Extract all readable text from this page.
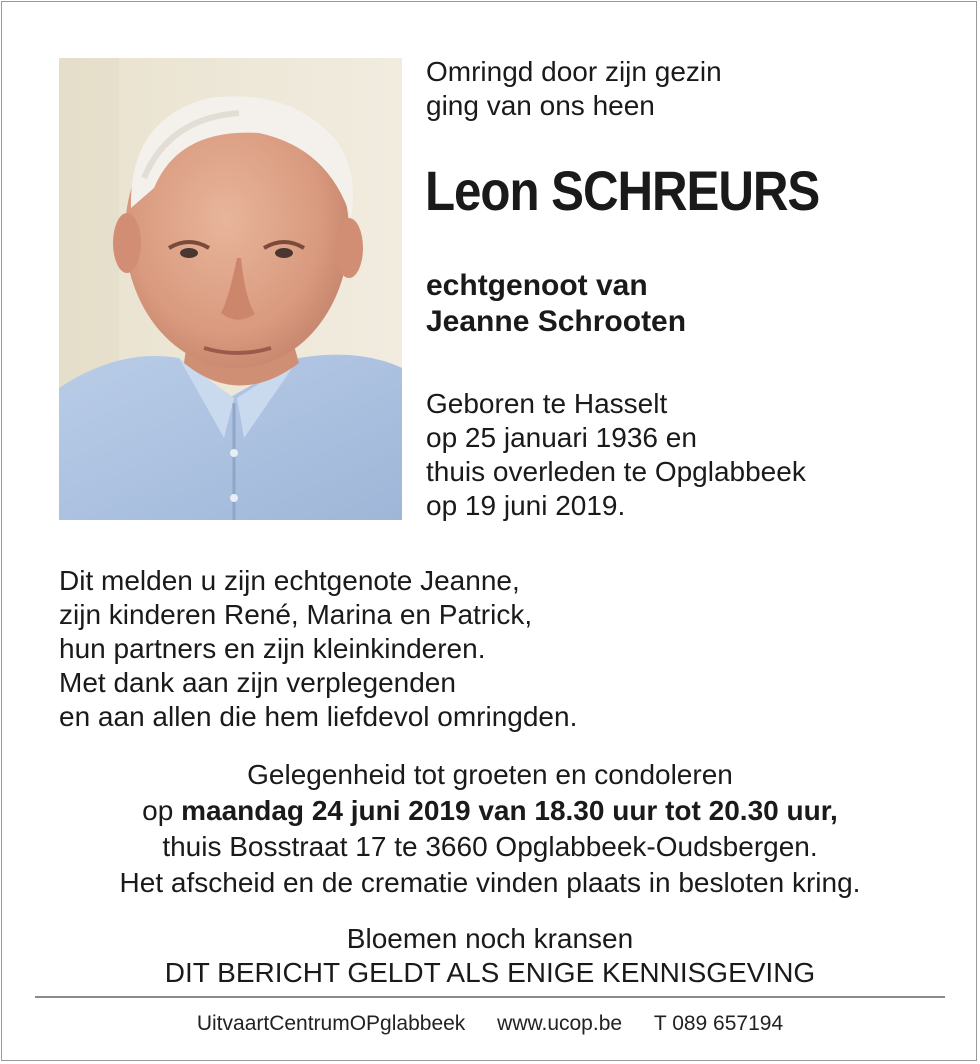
Omringd door zijn gezin
ging van ons heen
Leon SCHREURS
echtgenoot van
Jeanne Schrooten
Geboren te Hasselt
op 25 januari 1936 en
thuis overleden te Opglabbeek
op 19 juni 2019.
Dit melden u zijn echtgenote Jeanne,
zijn kinderen René, Marina en Patrick,
hun partners en zijn kleinkinderen.
Met dank aan zijn verplegenden
en aan allen die hem liefdevol omringden.
Gelegenheid tot groeten en condoleren
op maandag 24 juni 2019 van 18.30 uur tot 20.30 uur,
thuis Bosstraat 17 te 3660 Opglabbeek-Oudsbergen.
Het afscheid en de crematie vinden plaats in besloten kring.
Bloemen noch kransen
DIT BERICHT GELDT ALS ENIGE KENNISGEVING
UitvaartCentrumOPglabbeek www.ucop.be T 089 657194
